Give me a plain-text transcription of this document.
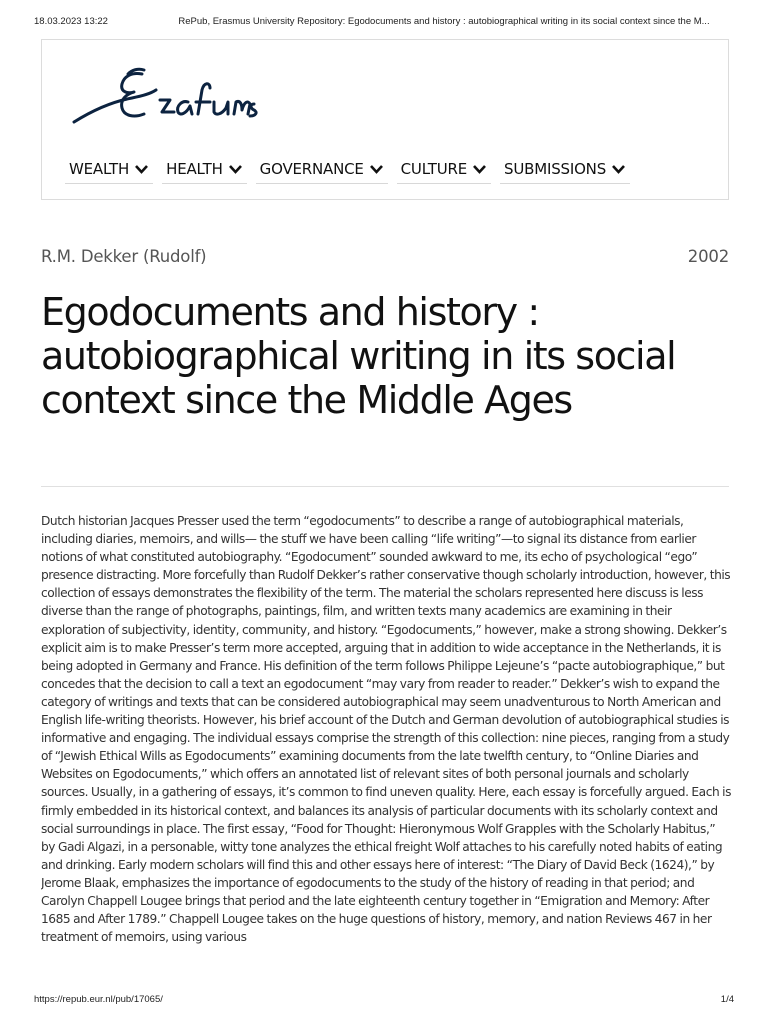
18.03.2023 13:22	RePub, Erasmus University Repository: Egodocuments and history : autobiographical writing in its social context since the M...
WEALTH HEALTH GOVERNANCE CULTURE SUBMISSIONS
R.M. Dekker (Rudolf)	2002
Egodocuments and history : autobiographical writing in its social context since the Middle Ages

Dutch historian Jacques Presser used the term “egodocuments” to describe a range of autobiographical materials, including diaries, memoirs, and wills— the stuff we have been calling “life writing”—to signal its distance from earlier notions of what constituted autobiography. “Egodocument” sounded awkward to me, its echo of psychological “ego” presence distracting. More forcefully than Rudolf Dekker’s rather conservative though scholarly introduction, however, this collection of essays demonstrates the flexibility of the term. The material the scholars represented here discuss is less diverse than the range of photographs, paintings, film, and written texts many academics are examining in their exploration of subjectivity, identity, community, and history. “Egodocuments,” however, make a strong showing. Dekker’s explicit aim is to make Presser’s term more accepted, arguing that in addition to wide acceptance in the Netherlands, it is being adopted in Germany and France. His definition of the term follows Philippe Lejeune’s “pacte autobiographique,” but concedes that the decision to call a text an egodocument “may vary from reader to reader.” Dekker’s wish to expand the category of writings and texts that can be considered autobiographical may seem unadventurous to North American and English life-writing theorists. However, his brief account of the Dutch and German devolution of autobiographical studies is informative and engaging. The individual essays comprise the strength of this collection: nine pieces, ranging from a study of “Jewish Ethical Wills as Egodocuments” examining documents from the late twelfth century, to “Online Diaries and Websites on Egodocuments,” which offers an annotated list of relevant sites of both personal journals and scholarly sources. Usually, in a gathering of essays, it’s common to find uneven quality. Here, each essay is forcefully argued. Each is firmly embedded in its historical context, and balances its analysis of particular documents with its scholarly context and social surroundings in place. The first essay, “Food for Thought: Hieronymous Wolf Grapples with the Scholarly Habitus,” by Gadi Algazi, in a personable, witty tone analyzes the ethical freight Wolf attaches to his carefully noted habits of eating and drinking. Early modern scholars will find this and other essays here of interest: “The Diary of David Beck (1624),” by Jerome Blaak, emphasizes the importance of egodocuments to the study of the history of reading in that period; and Carolyn Chappell Lougee brings that period and the late eighteenth century together in “Emigration and Memory: After 1685 and After 1789.” Chappell Lougee takes on the huge questions of history, memory, and nation Reviews 467 in her treatment of memoirs, using various

https://repub.eur.nl/pub/17065/	1/4
